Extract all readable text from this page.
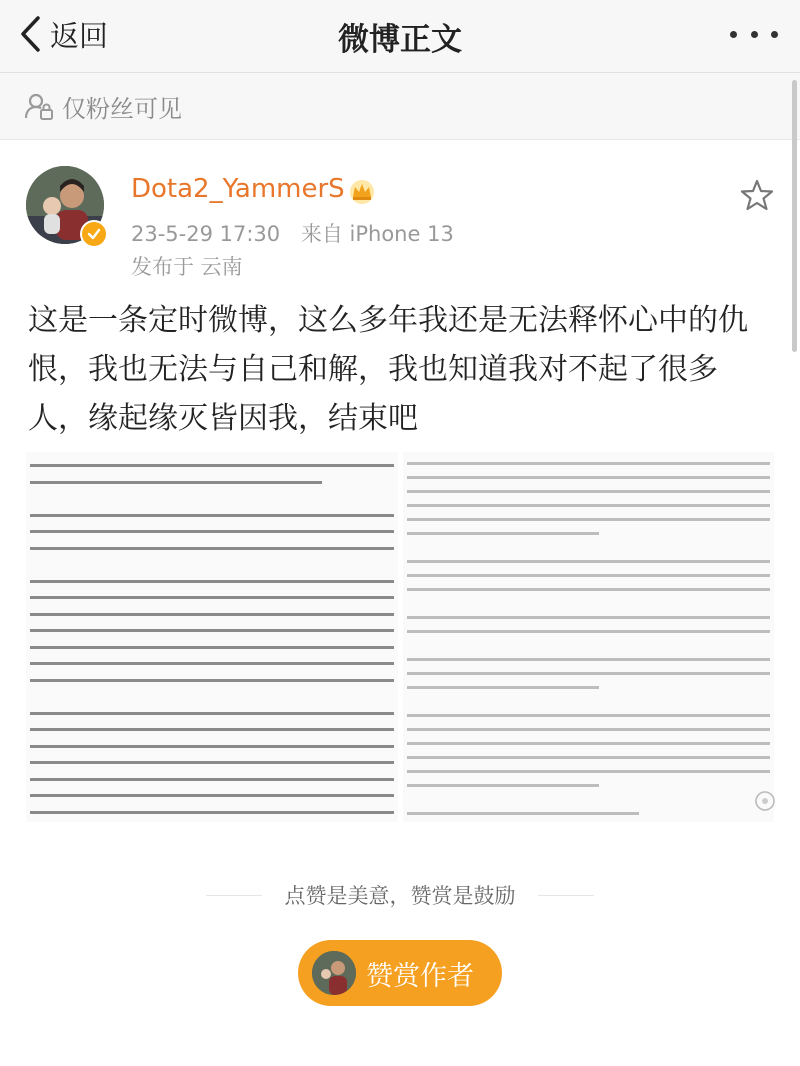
返回	微博正文
仅粉丝可见
Dota2_YammerS
23-5-29 17:30 来自 iPhone 13
发布于 云南
这是一条定时微博，这么多年我还是无法释怀心中的仇恨，我也无法与自己和解，我也知道我对不起了很多人，缘起缘灭皆因我，结束吧
点赞是美意，赞赏是鼓励
赞赏作者
